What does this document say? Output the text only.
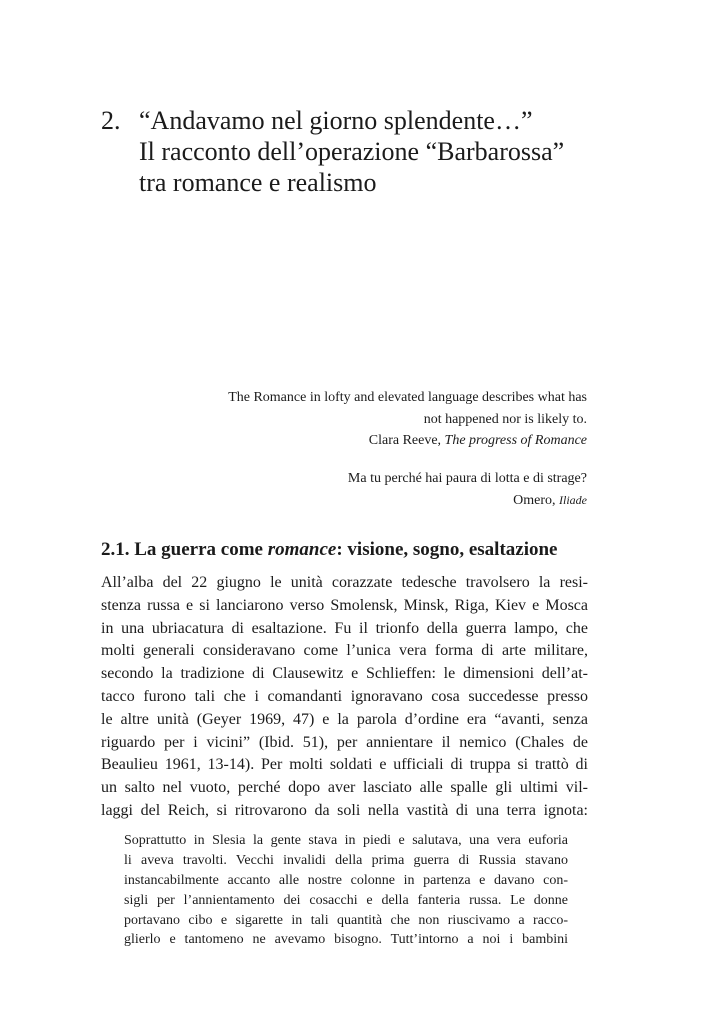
2. “Andavamo nel giorno splendente…”
Il racconto dell’operazione “Barbarossa”
tra romance e realismo
The Romance in lofty and elevated language describes what has
not happened nor is likely to.
Clara Reeve, The progress of Romance
Ma tu perché hai paura di lotta e di strage?
Omero, Iliade
2.1. La guerra come romance: visione, sogno, esaltazione
All’alba del 22 giugno le unità corazzate tedesche travolsero la resi-
stenza russa e si lanciarono verso Smolensk, Minsk, Riga, Kiev e Mosca
in una ubriacatura di esaltazione. Fu il trionfo della guerra lampo, che
molti generali consideravano come l’unica vera forma di arte militare,
secondo la tradizione di Clausewitz e Schlieffen: le dimensioni dell’at-
tacco furono tali che i comandanti ignoravano cosa succedesse presso
le altre unità (Geyer 1969, 47) e la parola d’ordine era “avanti, senza
riguardo per i vicini” (Ibid. 51), per annientare il nemico (Chales de
Beaulieu 1961, 13-14). Per molti soldati e ufficiali di truppa si trattò di
un salto nel vuoto, perché dopo aver lasciato alle spalle gli ultimi vil-
laggi del Reich, si ritrovarono da soli nella vastità di una terra ignota:
Soprattutto in Slesia la gente stava in piedi e salutava, una vera euforia
li aveva travolti. Vecchi invalidi della prima guerra di Russia stavano
instancabilmente accanto alle nostre colonne in partenza e davano con-
sigli per l’annientamento dei cosacchi e della fanteria russa. Le donne
portavano cibo e sigarette in tali quantità che non riuscivamo a racco-
glierlo e tantomeno ne avevamo bisogno. Tutt’intorno a noi i bambini
